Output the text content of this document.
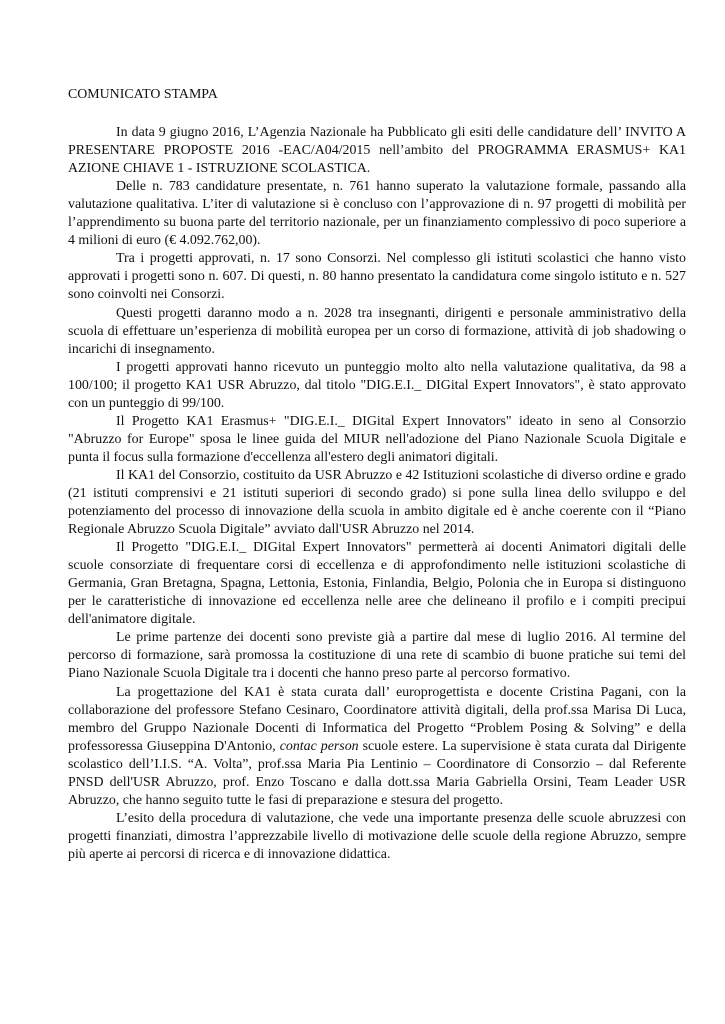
COMUNICATO STAMPA

In data 9 giugno 2016, L’Agenzia Nazionale ha Pubblicato gli esiti delle candidature dell’ INVITO A PRESENTARE PROPOSTE 2016 -EAC/A04/2015 nell’ambito del PROGRAMMA ERASMUS+ KA1 AZIONE CHIAVE 1 - ISTRUZIONE SCOLASTICA.

Delle n. 783 candidature presentate, n. 761 hanno superato la valutazione formale, passando alla valutazione qualitativa. L’iter di valutazione si è concluso con l’approvazione di n. 97 progetti di mobilità per l’apprendimento su buona parte del territorio nazionale, per un finanziamento complessivo di poco superiore a 4 milioni di euro (€ 4.092.762,00).

Tra i progetti approvati, n. 17 sono Consorzi. Nel complesso gli istituti scolastici che hanno visto approvati i progetti sono n. 607. Di questi, n. 80 hanno presentato la candidatura come singolo istituto e n. 527 sono coinvolti nei Consorzi.

Questi progetti daranno modo a n. 2028 tra insegnanti, dirigenti e personale amministrativo della scuola di effettuare un’esperienza di mobilità europea per un corso di formazione, attività di job shadowing o incarichi di insegnamento.

I progetti approvati hanno ricevuto un punteggio molto alto nella valutazione qualitativa, da 98 a 100/100; il progetto KA1 USR Abruzzo, dal titolo "DIG.E.I._ DIGital Expert Innovators", è stato approvato con un punteggio di 99/100.

Il Progetto KA1 Erasmus+ "DIG.E.I._ DIGital Expert Innovators" ideato in seno al Consorzio "Abruzzo for Europe" sposa le linee guida del MIUR nell'adozione del Piano Nazionale Scuola Digitale e punta il focus sulla formazione d'eccellenza all'estero degli animatori digitali.

Il KA1 del Consorzio, costituito da USR Abruzzo e 42 Istituzioni scolastiche di diverso ordine e grado (21 istituti comprensivi e 21 istituti superiori di secondo grado) si pone sulla linea dello sviluppo e del potenziamento del processo di innovazione della scuola in ambito digitale ed è anche coerente con il “Piano Regionale Abruzzo Scuola Digitale” avviato dall'USR Abruzzo nel 2014.

Il Progetto "DIG.E.I._ DIGital Expert Innovators" permetterà ai docenti Animatori digitali delle scuole consorziate di frequentare corsi di eccellenza e di approfondimento nelle istituzioni scolastiche di Germania, Gran Bretagna, Spagna, Lettonia, Estonia, Finlandia, Belgio, Polonia che in Europa si distinguono per le caratteristiche di innovazione ed eccellenza nelle aree che delineano il profilo e i compiti precipui dell'animatore digitale.

Le prime partenze dei docenti sono previste già a partire dal mese di luglio 2016. Al termine del percorso di formazione, sarà promossa la costituzione di una rete di scambio di buone pratiche sui temi del Piano Nazionale Scuola Digitale tra i docenti che hanno preso parte al percorso formativo.

La progettazione del KA1 è stata curata dall’ europrogettista e docente Cristina Pagani, con la collaborazione del professore Stefano Cesinaro, Coordinatore attività digitali, della prof.ssa Marisa Di Luca, membro del Gruppo Nazionale Docenti di Informatica del Progetto “Problem Posing & Solving” e della professoressa Giuseppina D'Antonio, contac person scuole estere. La supervisione è stata curata dal Dirigente scolastico dell’I.I.S. “A. Volta”, prof.ssa Maria Pia Lentinio – Coordinatore di Consorzio – dal Referente PNSD dell'USR Abruzzo, prof. Enzo Toscano e dalla dott.ssa Maria Gabriella Orsini, Team Leader USR Abruzzo, che hanno seguito tutte le fasi di preparazione e stesura del progetto.

L’esito della procedura di valutazione, che vede una importante presenza delle scuole abruzzesi con progetti finanziati, dimostra l’apprezzabile livello di motivazione delle scuole della regione Abruzzo, sempre più aperte ai percorsi di ricerca e di innovazione didattica.
